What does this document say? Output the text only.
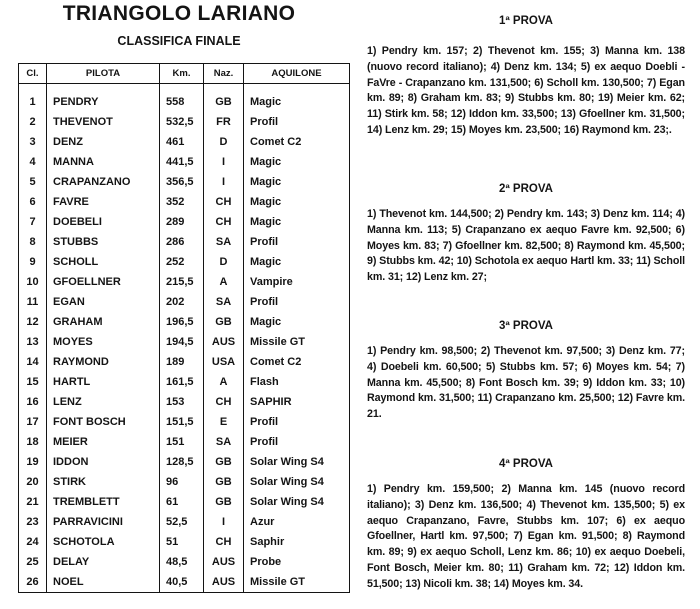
TRIANGOLO LARIANO
CLASSIFICA FINALE
Cl.	PILOTA	Km.	Naz.	AQUILONE
1	PENDRY	558	GB	Magic
2	THEVENOT	532,5	FR	Profil
3	DENZ	461	D	Comet C2
4	MANNA	441,5	I	Magic
5	CRAPANZANO	356,5	I	Magic
6	FAVRE	352	CH	Magic
7	DOEBELI	289	CH	Magic
8	STUBBS	286	SA	Profil
9	SCHOLL	252	D	Magic
10	GFOELLNER	215,5	A	Vampire
11	EGAN	202	SA	Profil
12	GRAHAM	196,5	GB	Magic
13	MOYES	194,5	AUS	Missile GT
14	RAYMOND	189	USA	Comet C2
15	HARTL	161,5	A	Flash
16	LENZ	153	CH	SAPHIR
17	FONT BOSCH	151,5	E	Profil
18	MEIER	151	SA	Profil
19	IDDON	128,5	GB	Solar Wing S4
20	STIRK	96	GB	Solar Wing S4
21	TREMBLETT	61	GB	Solar Wing S4
23	PARRAVICINI	52,5	I	Azur
24	SCHOTOLA	51	CH	Saphir
25	DELAY	48,5	AUS	Probe
26	NOEL	40,5	AUS	Missile GT
1ª PROVA

1) Pendry km. 157; 2) Thevenot km. 155; 3) Manna km. 138 (nuovo record italiano); 4) Denz km. 134; 5) ex aequo Doebli - FaVre - Crapanzano km. 131,500; 6) Scholl km. 130,500; 7) Egan km. 89; 8) Graham km. 83; 9) Stubbs km. 80; 19) Meier km. 62; 11) Stirk km. 58; 12) Iddon km. 33,500; 13) Gfoellner km. 31,500; 14) Lenz km. 29; 15) Moyes km. 23,500; 16) Raymond km. 23;.

2ª PROVA

1) Thevenot km. 144,500; 2) Pendry km. 143; 3) Denz km. 114; 4) Manna km. 113; 5) Crapanzano ex aequo Favre km. 92,500; 6) Moyes km. 83; 7) Gfoellner km. 82,500; 8) Raymond km. 45,500; 9) Stubbs km. 42; 10) Schotola ex aequo Hartl km. 33; 11) Scholl km. 31; 12) Lenz km. 27;

3ª PROVA

1) Pendry km. 98,500; 2) Thevenot km. 97,500; 3) Denz km. 77; 4) Doebeli km. 60,500; 5) Stubbs km. 57; 6) Moyes km. 54; 7) Manna km. 45,500; 8) Font Bosch km. 39; 9) Iddon km. 33; 10) Raymond km. 31,500; 11) Crapanzano km. 25,500; 12) Favre km. 21.

4ª PROVA

1) Pendry km. 159,500; 2) Manna km. 145 (nuovo record italiano); 3) Denz km. 136,500; 4) Thevenot km. 135,500; 5) ex aequo Crapanzano, Favre, Stubbs km. 107; 6) ex aequo Gfoellner, Hartl km. 97,500; 7) Egan km. 91,500; 8) Raymond km. 89; 9) ex aequo Scholl, Lenz km. 86; 10) ex aequo Doebeli, Font Bosch, Meier km. 80; 11) Graham km. 72; 12) Iddon km. 51,500; 13) Nicoli km. 38; 14) Moyes km. 34.
